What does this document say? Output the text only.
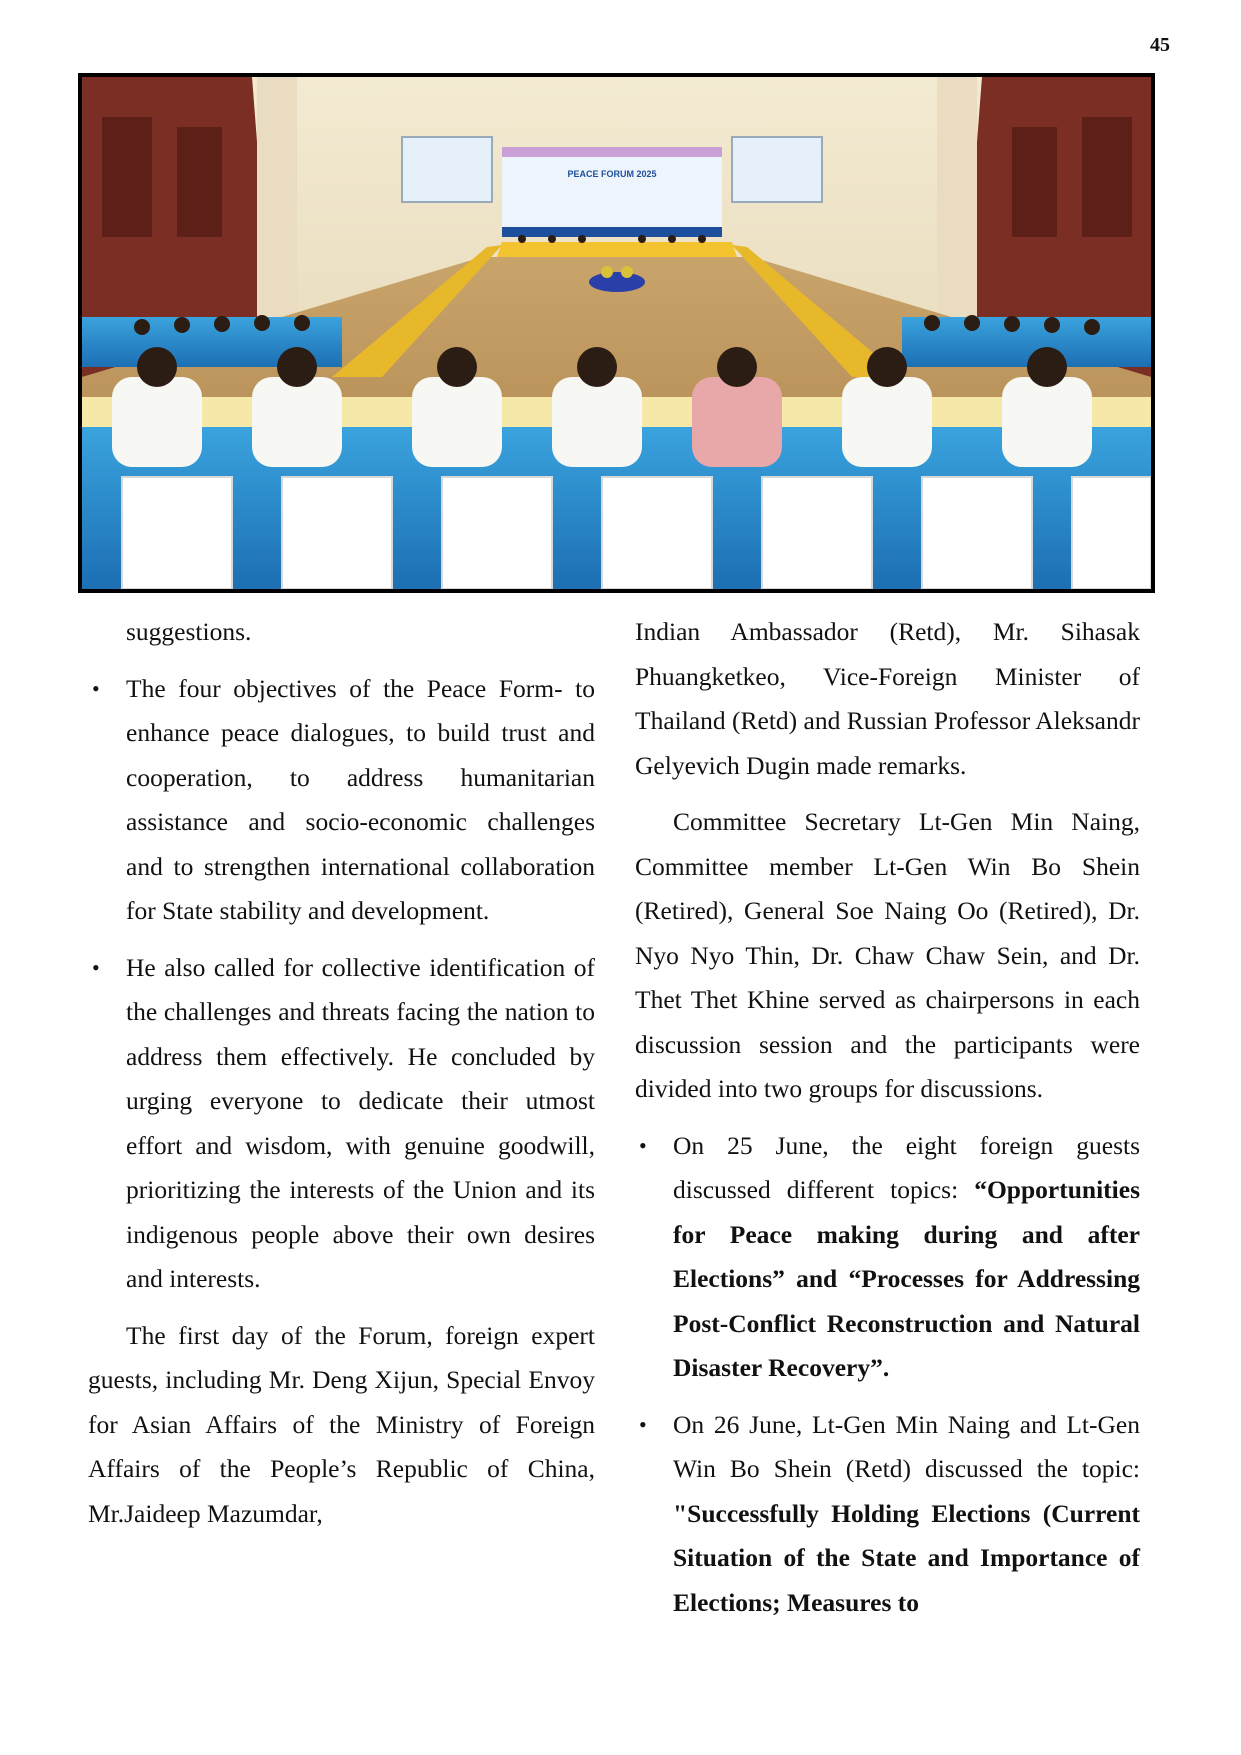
45
PEACE FORUM 2025

suggestions.

• The four objectives of the Peace Form- to enhance peace dialogues, to build trust and cooperation, to address humanitarian assistance and socio-economic challenges and to strengthen international collaboration for State stability and development.
• He also called for collective identification of the challenges and threats facing the nation to address them effectively. He concluded by urging everyone to dedicate their utmost effort and wisdom, with genuine goodwill, prioritizing the interests of the Union and its indigenous people above their own desires and interests.

The first day of the Forum, foreign expert guests, including Mr. Deng Xijun, Special Envoy for Asian Affairs of the Ministry of Foreign Affairs of the People’s Republic of China, Mr.Jaideep Mazumdar,

Indian Ambassador (Retd), Mr. Sihasak Phuangketkeo, Vice-Foreign Minister of Thailand (Retd) and Russian Professor Aleksandr Gelyevich Dugin made remarks.

Committee Secretary Lt-Gen Min Naing, Committee member Lt-Gen Win Bo Shein (Retired), General Soe Naing Oo (Retired), Dr. Nyo Nyo Thin, Dr. Chaw Chaw Sein, and Dr. Thet Thet Khine served as chairpersons in each discussion session and the participants were divided into two groups for discussions.

• On 25 June, the eight foreign guests discussed different topics: “Opportunities for Peace making during and after Elections” and “Processes for Addressing Post-Conflict Reconstruction and Natural Disaster Recovery”.
• On 26 June, Lt-Gen Min Naing and Lt-Gen Win Bo Shein (Retd) discussed the topic: "Successfully Holding Elections (Current Situation of the State and Importance of Elections; Measures to
